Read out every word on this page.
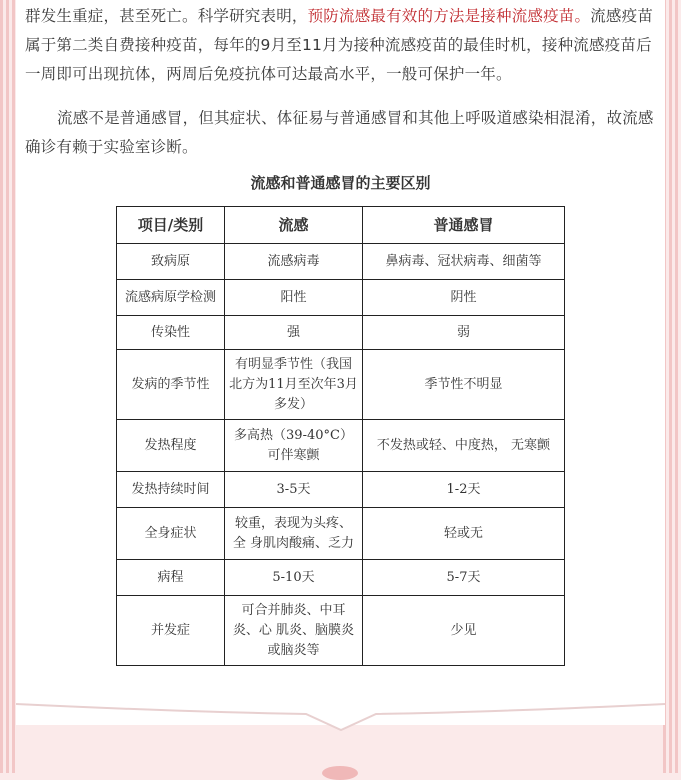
群发生重症，甚至死亡。科学研究表明，预防流感最有效的方法是接种流感疫苗。流感疫苗属于第二类自费接种疫苗，每年的9月至11月为接种流感疫苗的最佳时机，接种流感疫苗后一周即可出现抗体，两周后免疫抗体可达最高水平，一般可保护一年。

流感不是普通感冒，但其症状、体征易与普通感冒和其他上呼吸道感染相混淆，故流感确诊有赖于实验室诊断。

流感和普通感冒的主要区别
项目/类别	流感	普通感冒
致病原	流感病毒	鼻病毒、冠状病毒、细菌等
流感病原学检测	阳性	阴性
传染性	强	弱
发病的季节性	有明显季节性（我国北方为11月至次年3月多发）	季节性不明显
发热程度	多高热（39-40°C）可伴寒颤	不发热或轻、中度热， 无寒颤
发热持续时间	3-5天	1-2天
全身症状	较重，表现为头疼、全 身肌肉酸痛、乏力	轻或无
病程	5-10天	5-7天
并发症	可合并肺炎、中耳炎、心 肌炎、脑膜炎或脑炎等	少见
